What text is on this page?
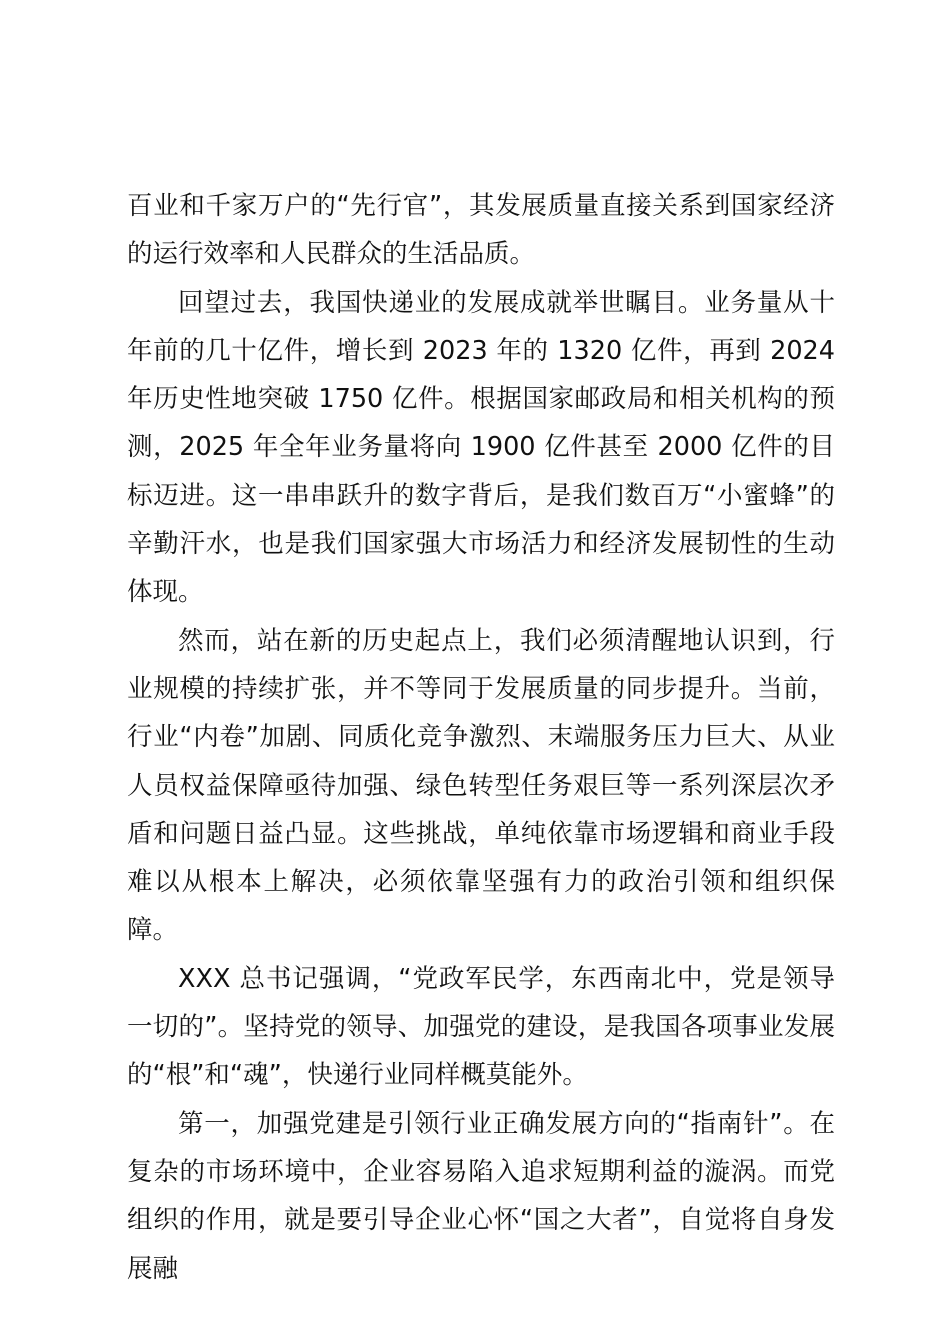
百业和千家万户的“先行官”，其发展质量直接关系到国家经济的运行效率和人民群众的生活品质。

回望过去，我国快递业的发展成就举世瞩目。业务量从十年前的几十亿件，增长到 2023 年的 1320 亿件，再到 2024 年历史性地突破 1750 亿件。根据国家邮政局和相关机构的预测，2025 年全年业务量将向 1900 亿件甚至 2000 亿件的目标迈进。这一串串跃升的数字背后，是我们数百万“小蜜蜂”的辛勤汗水，也是我们国家强大市场活力和经济发展韧性的生动体现。

然而，站在新的历史起点上，我们必须清醒地认识到，行业规模的持续扩张，并不等同于发展质量的同步提升。当前，行业“内卷”加剧、同质化竞争激烈、末端服务压力巨大、从业人员权益保障亟待加强、绿色转型任务艰巨等一系列深层次矛盾和问题日益凸显。这些挑战，单纯依靠市场逻辑和商业手段难以从根本上解决，必须依靠坚强有力的政治引领和组织保障。

XXX 总书记强调，“党政军民学，东西南北中，党是领导一切的”。坚持党的领导、加强党的建设，是我国各项事业发展的“根”和“魂”，快递行业同样概莫能外。

第一，加强党建是引领行业正确发展方向的“指南针”。在复杂的市场环境中，企业容易陷入追求短期利益的漩涡。而党组织的作用，就是要引导企业心怀“国之大者”，自觉将自身发展融
